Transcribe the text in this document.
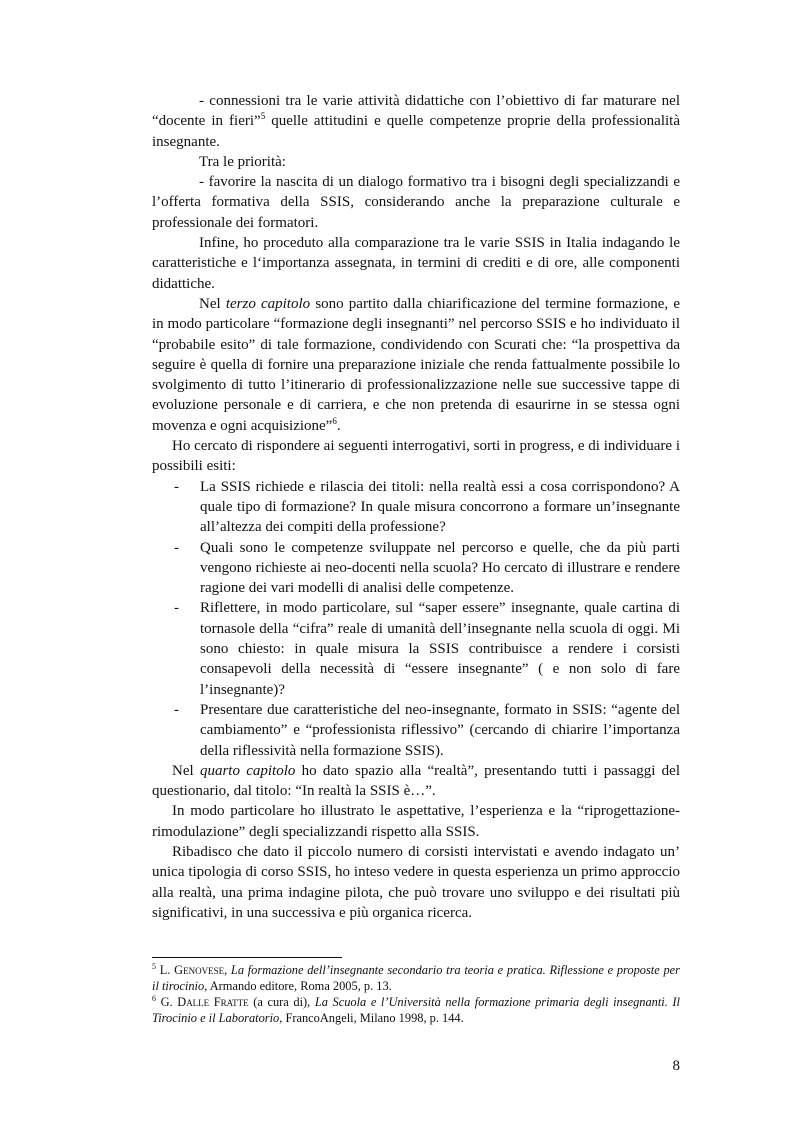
- connessioni tra le varie attività didattiche con l’obiettivo di far maturare nel “docente in fieri”$^5$ quelle attitudini e quelle competenze proprie della professionalità insegnante.

Tra le priorità:

- favorire la nascita di un dialogo formativo tra i bisogni degli specializzandi e l’offerta formativa della SSIS, considerando anche la preparazione culturale e professionale dei formatori.

Infine, ho proceduto alla comparazione tra le varie SSIS in Italia indagando le caratteristiche e l‘importanza assegnata, in termini di crediti e di ore, alle componenti didattiche.

Nel terzo capitolo sono partito dalla chiarificazione del termine formazione, e in modo particolare “formazione degli insegnanti” nel percorso SSIS e ho individuato il “probabile esito” di tale formazione, condividendo con Scurati che: “la prospettiva da seguire è quella di fornire una preparazione iniziale che renda fattualmente possibile lo svolgimento di tutto l’itinerario di professionalizzazione nelle sue successive tappe di evoluzione personale e di carriera, e che non pretenda di esaurirne in se stessa ogni movenza e ogni acquisizione”$^6$.

Ho cercato di rispondere ai seguenti interrogativi, sorti in progress, e di individuare i possibili esiti:

- La SSIS richiede e rilascia dei titoli: nella realtà essi a cosa corrispondono? A quale tipo di formazione? In quale misura concorrono a formare un’insegnante all’altezza dei compiti della professione?
- Quali sono le competenze sviluppate nel percorso e quelle, che da più parti vengono richieste ai neo-docenti nella scuola? Ho cercato di illustrare e rendere ragione dei vari modelli di analisi delle competenze.
- Riflettere, in modo particolare, sul “saper essere” insegnante, quale cartina di tornasole della “cifra” reale di umanità dell’insegnante nella scuola di oggi. Mi sono chiesto: in quale misura la SSIS contribuisce a rendere i corsisti consapevoli della necessità di “essere insegnante” ( e non solo di fare l’insegnante)?
- Presentare due caratteristiche del neo-insegnante, formato in SSIS: “agente del cambiamento” e “professionista riflessivo” (cercando di chiarire l’importanza della riflessività nella formazione SSIS).

Nel quarto capitolo ho dato spazio alla “realtà”, presentando tutti i passaggi del questionario, dal titolo: “In realtà la SSIS è…”.

In modo particolare ho illustrato le aspettative, l’esperienza e la “riprogettazione-rimodulazione” degli specializzandi rispetto alla SSIS.

Ribadisco che dato il piccolo numero di corsisti intervistati e avendo indagato un’ unica tipologia di corso SSIS, ho inteso vedere in questa esperienza un primo approccio alla realtà, una prima indagine pilota, che può trovare uno sviluppo e dei risultati più significativi, in una successiva e più organica ricerca.

$^5$ L. Genovese, La formazione dell’insegnante secondario tra teoria e pratica. Riflessione e proposte per il tirocinio, Armando editore, Roma 2005, p. 13.

$^6$ G. Dalle Fratte (a cura di), La Scuola e l’Università nella formazione primaria degli insegnanti. Il Tirocinio e il Laboratorio, FrancoAngeli, Milano 1998, p. 144.

8
